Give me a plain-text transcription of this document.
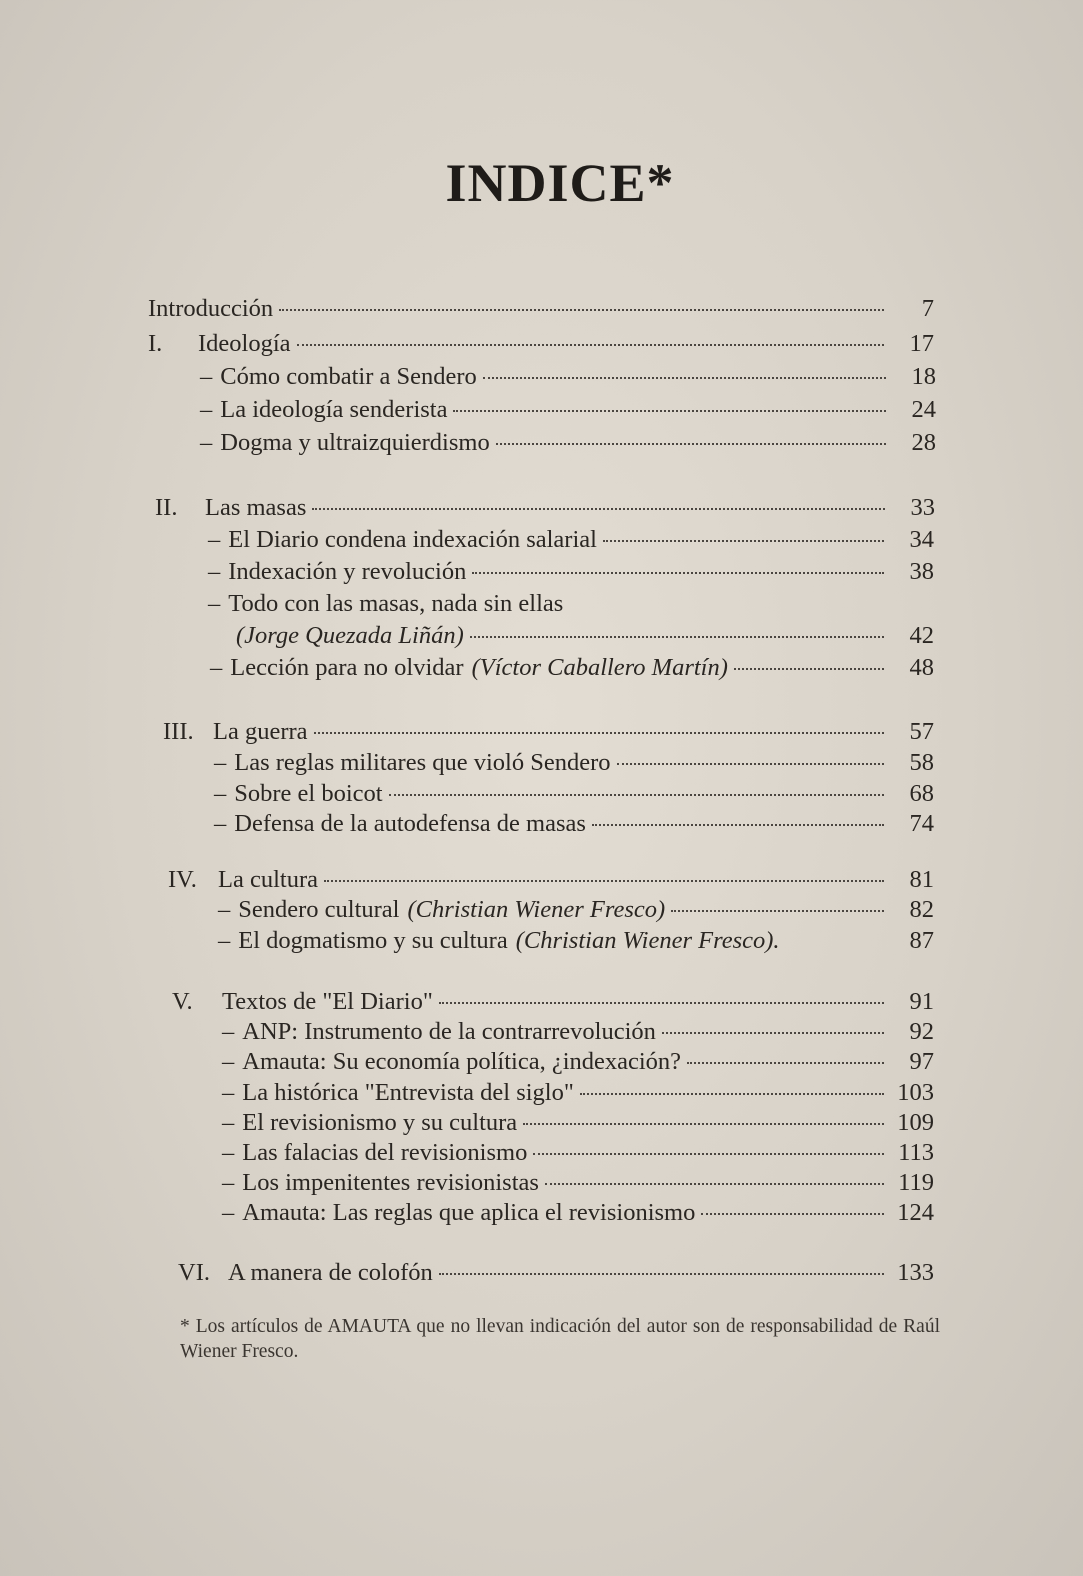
INDICE*
Introducción	7
I.	Ideología	17
– Cómo combatir a Sendero	18
– La ideología senderista	24
– Dogma y ultraizquierdismo	28
II.	Las masas	33
– El Diario condena indexación salarial	34
– Indexación y revolución	38
– Todo con las masas, nada sin ellas
(Jorge Quezada Liñán)	42
– Lección para no olvidar (Víctor Caballero Martín)	48
III. La guerra	57
– Las reglas militares que violó Sendero	58
– Sobre el boicot	68
– Defensa de la autodefensa de masas	74
IV. La cultura	81
– Sendero cultural (Christian Wiener Fresco)	82
– El dogmatismo y su cultura (Christian Wiener Fresco).	87
V.	Textos de "El Diario"	91
– ANP: Instrumento de la contrarrevolución	92
– Amauta: Su economía política, ¿indexación?	97
– La histórica "Entrevista del siglo"	103
– El revisionismo y su cultura	109
– Las falacias del revisionismo	113
– Los impenitentes revisionistas	119
– Amauta: Las reglas que aplica el revisionismo	124
VI. A manera de colofón	133
* Los artículos de AMAUTA que no llevan indicación del autor son de responsabilidad de Raúl Wiener Fresco.
